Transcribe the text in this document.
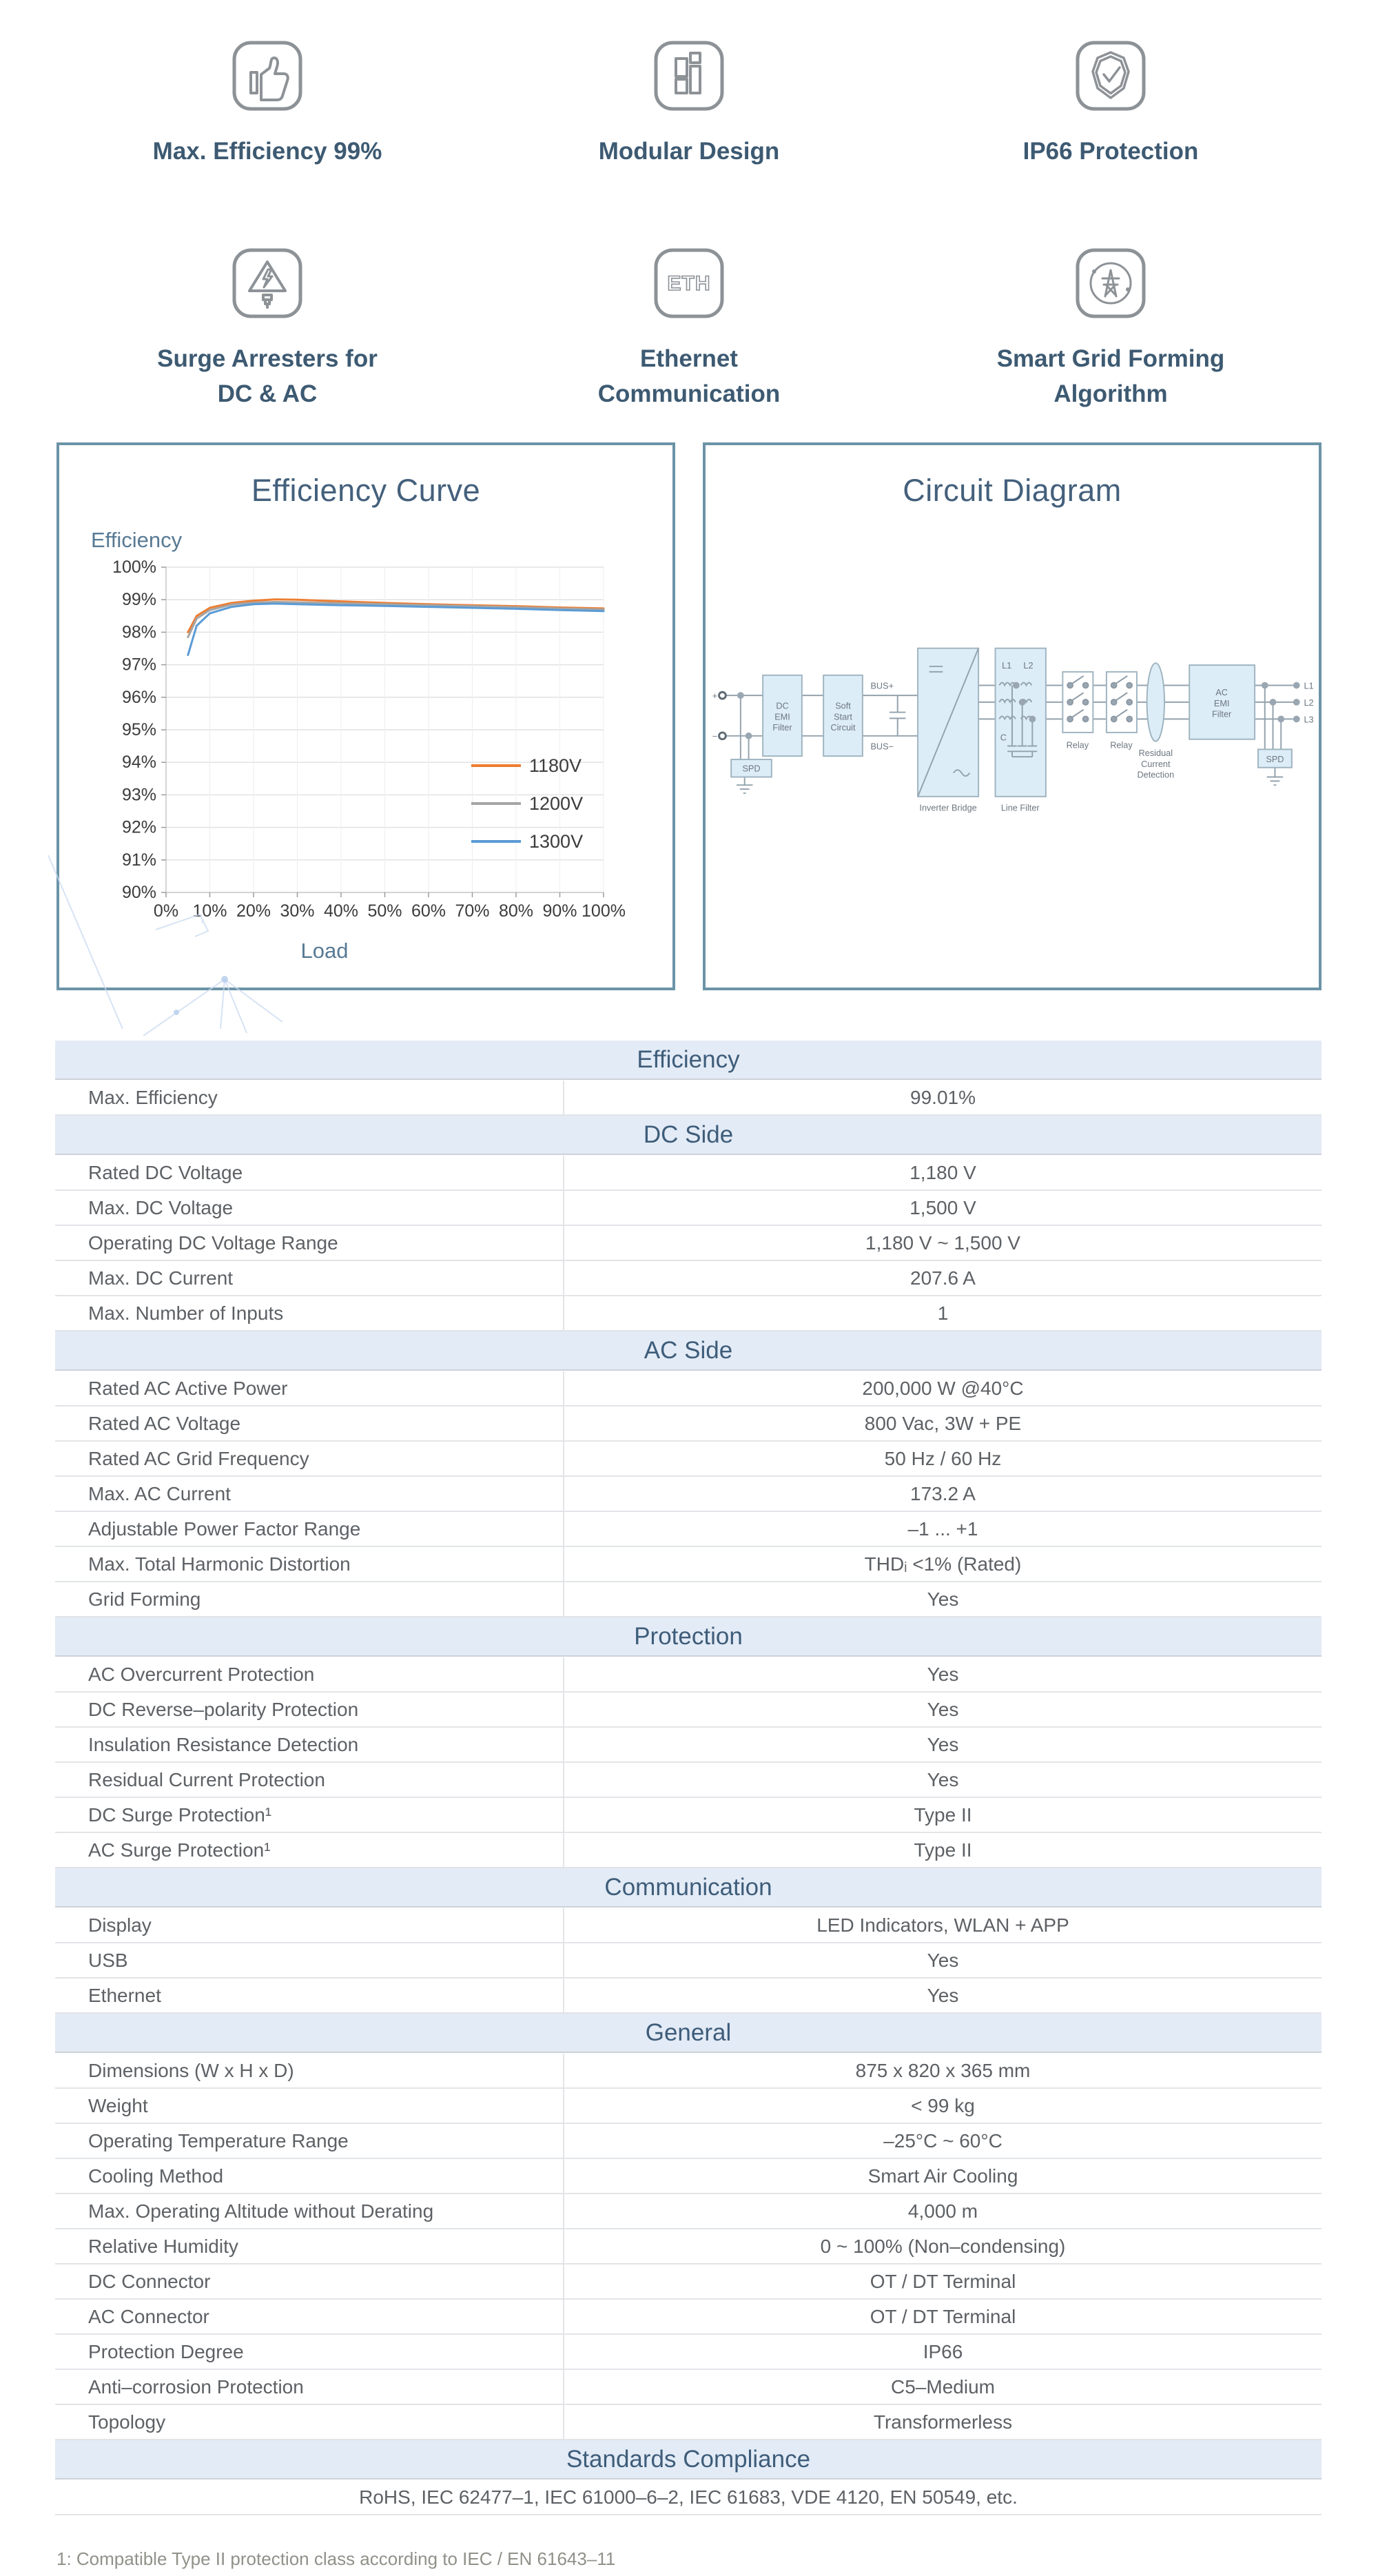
Max. Efficiency 99%	Modular Design	IP66 Protection
Surge Arresters for
DC & AC
ETH
Ethernet
Communication
Smart Grid Forming
Algorithm
Efficiency Curve
Efficiency
90%
91%
92%
93%
94%
95%
96%
97%
98%
99%
100%
0% 10% 20% 30% 40% 50% 60% 70% 80% 90% 100%
1180V
1200V
1300V
Load
Circuit Diagram
+
−
SPD
DC
EMI
Filter
Soft
Start
Circuit
BUS+
BUS−
Inverter Bridge
L1 L2
C
Line Filter
Relay Relay
Residual
Current
Detection
AC
EMI
Filter
SPD
L1
L2
L3
Efficiency
Max. Efficiency	99.01%
DC Side
Rated DC Voltage	1,180 V
Max. DC Voltage	1,500 V
Operating DC Voltage Range	1,180 V ~ 1,500 V
Max. DC Current	207.6 A
Max. Number of Inputs	1
AC Side
Rated AC Active Power	200,000 W @40°C
Rated AC Voltage	800 Vac, 3W + PE
Rated AC Grid Frequency	50 Hz / 60 Hz
Max. AC Current	173.2 A
Adjustable Power Factor Range	–1 ... +1
Max. Total Harmonic Distortion	THDᵢ <1% (Rated)
Grid Forming	Yes
Protection
AC Overcurrent Protection	Yes
DC Reverse–polarity Protection	Yes
Insulation Resistance Detection	Yes
Residual Current Protection	Yes
DC Surge Protection¹	Type II
AC Surge Protection¹	Type II
Communication
Display	LED Indicators, WLAN + APP
USB	Yes
Ethernet	Yes
General
Dimensions (W x H x D)	875 x 820 x 365 mm
Weight	< 99 kg
Operating Temperature Range	–25°C ~ 60°C
Cooling Method	Smart Air Cooling
Max. Operating Altitude without Derating	4,000 m
Relative Humidity	0 ~ 100% (Non–condensing)
DC Connector	OT / DT Terminal
AC Connector	OT / DT Terminal
Protection Degree	IP66
Anti–corrosion Protection	C5–Medium
Topology	Transformerless
Standards Compliance
RoHS, IEC 62477–1, IEC 61000–6–2, IEC 61683, VDE 4120, EN 50549, etc.
1: Compatible Type II protection class according to IEC / EN 61643–11
